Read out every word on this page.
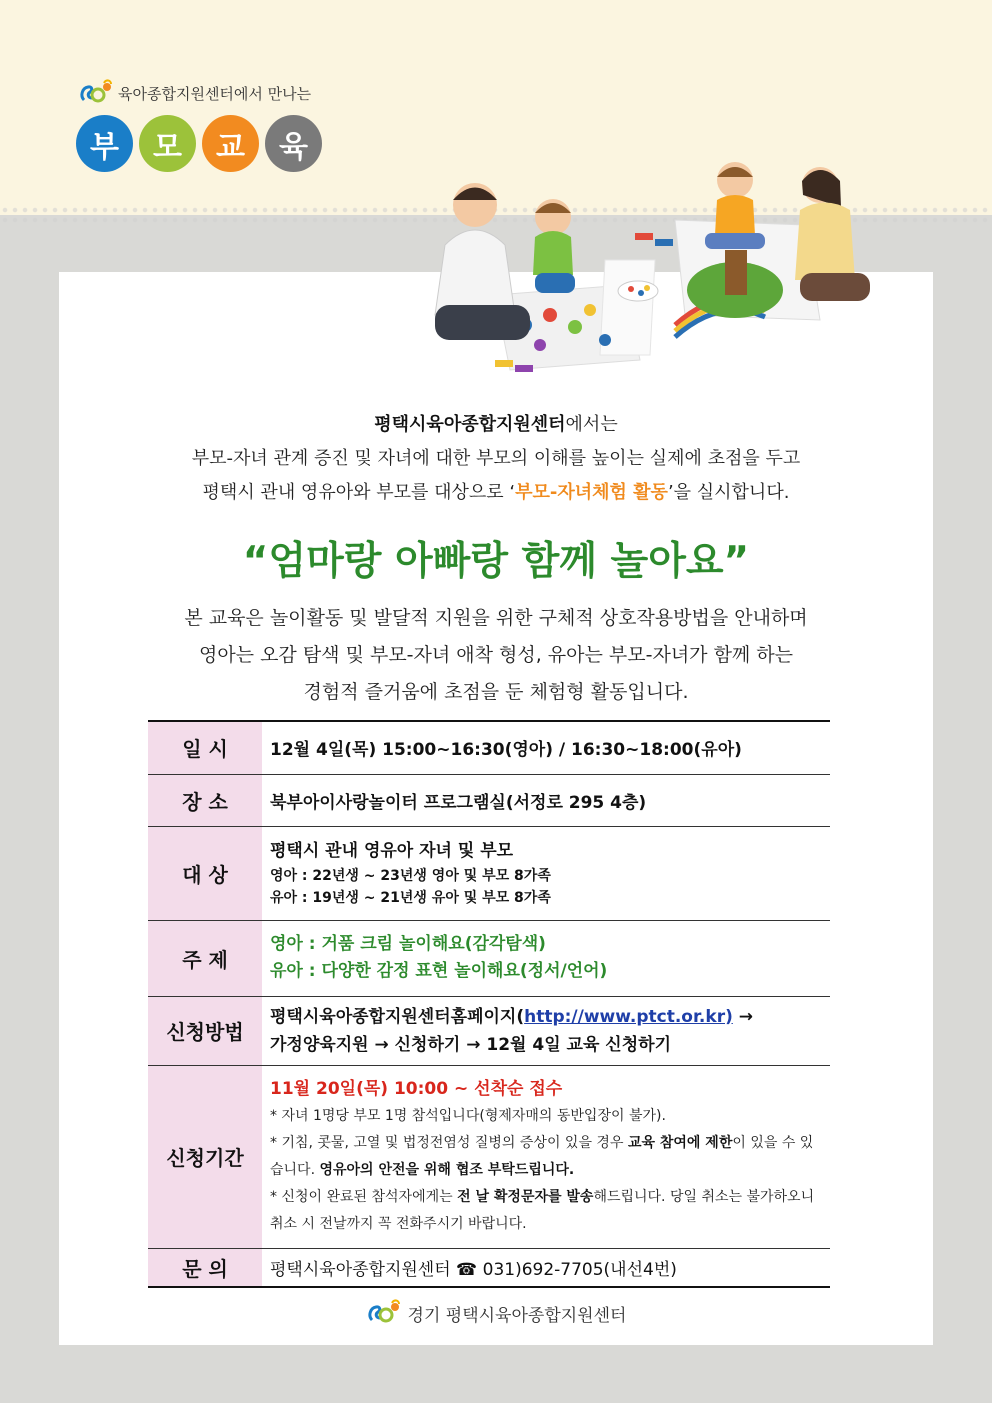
육아종합지원센터에서 만나는
부	모	교	육
평택시육아종합지원센터에서는
부모-자녀 관계 증진 및 자녀에 대한 부모의 이해를 높이는 실제에 초점을 두고
평택시 관내 영유아와 부모를 대상으로 ‘부모-자녀체험 활동’을 실시합니다.
“엄마랑 아빠랑 함께 놀아요”
본 교육은 놀이활동 및 발달적 지원을 위한 구체적 상호작용방법을 안내하며
영아는 오감 탐색 및 부모-자녀 애착 형성, 유아는 부모-자녀가 함께 하는
경험적 즐거움에 초점을 둔 체험형 활동입니다.
일 시	12월 4일(목) 15:00~16:30(영아) / 16:30~18:00(유아)
장 소	북부아이사랑놀이터 프로그램실(서정로 295 4층)
대 상	평택시 관내 영유아 자녀 및 부모
영아 : 22년생 ~ 23년생 영아 및 부모 8가족
유아 : 19년생 ~ 21년생 유아 및 부모 8가족

주 제	영아 : 거품 크림 놀이해요(감각탐색)
유아 : 다양한 감정 표현 놀이해요(정서/언어)

신청방법	평택시육아종합지원센터홈페이지(http://www.ptct.or.kr) →
가정양육지원 → 신청하기 → 12월 4일 교육 신청하기

신청기간	11월 20일(목) 10:00 ~ 선착순 접수
* 자녀 1명당 부모 1명 참석입니다(형제자매의 동반입장이 불가).
* 기침, 콧물, 고열 및 법정전염성 질병의 증상이 있을 경우 교육 참여에 제한이 있을 수 있습니다. 영유아의 안전을 위해 협조 부탁드립니다.
* 신청이 완료된 참석자에게는 전 날 확정문자를 발송해드립니다. 당일 취소는 불가하오니 취소 시 전날까지 꼭 전화주시기 바랍니다.

문 의	평택시육아종합지원센터 ☎ 031)692-7705(내선4번)
경기 평택시육아종합지원센터
